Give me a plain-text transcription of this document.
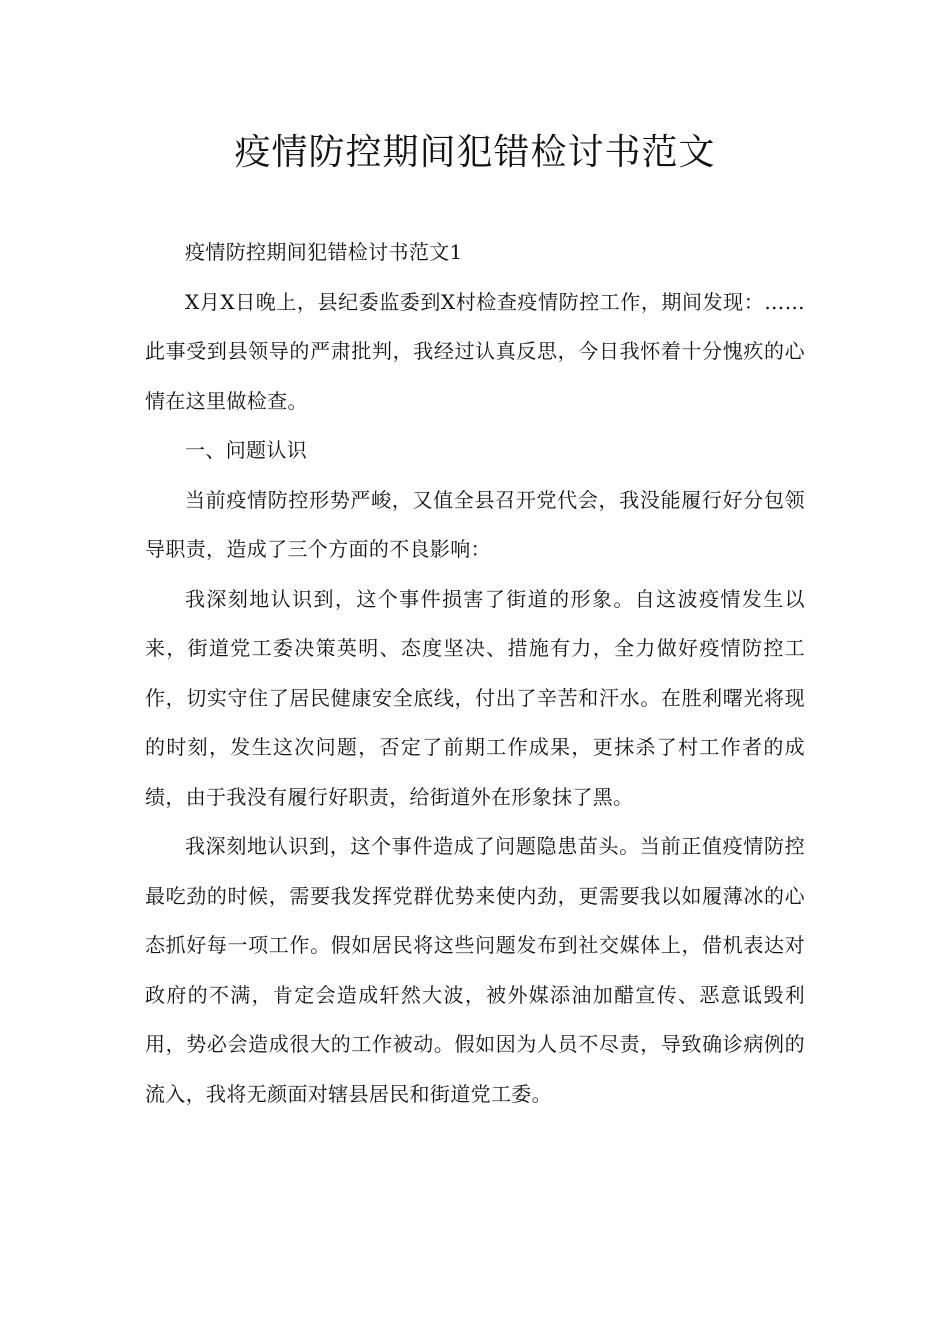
疫情防控期间犯错检讨书范文

疫情防控期间犯错检讨书范文1

X月X日晚上，县纪委监委到X村检查疫情防控工作，期间发现：……此事受到县领导的严肃批判，我经过认真反思，今日我怀着十分愧疚的心情在这里做检查。

一、问题认识

当前疫情防控形势严峻，又值全县召开党代会，我没能履行好分包领导职责，造成了三个方面的不良影响：

我深刻地认识到，这个事件损害了街道的形象。自这波疫情发生以来，街道党工委决策英明、态度坚决、措施有力，全力做好疫情防控工作，切实守住了居民健康安全底线，付出了辛苦和汗水。在胜利曙光将现的时刻，发生这次问题，否定了前期工作成果，更抹杀了村工作者的成绩，由于我没有履行好职责，给街道外在形象抹了黑。

我深刻地认识到，这个事件造成了问题隐患苗头。当前正值疫情防控最吃劲的时候，需要我发挥党群优势来使内劲，更需要我以如履薄冰的心态抓好每一项工作。假如居民将这些问题发布到社交媒体上，借机表达对政府的不满，肯定会造成轩然大波，被外媒添油加醋宣传、恶意诋毁利用，势必会造成很大的工作被动。假如因为人员不尽责，导致确诊病例的流入，我将无颜面对辖县居民和街道党工委。
